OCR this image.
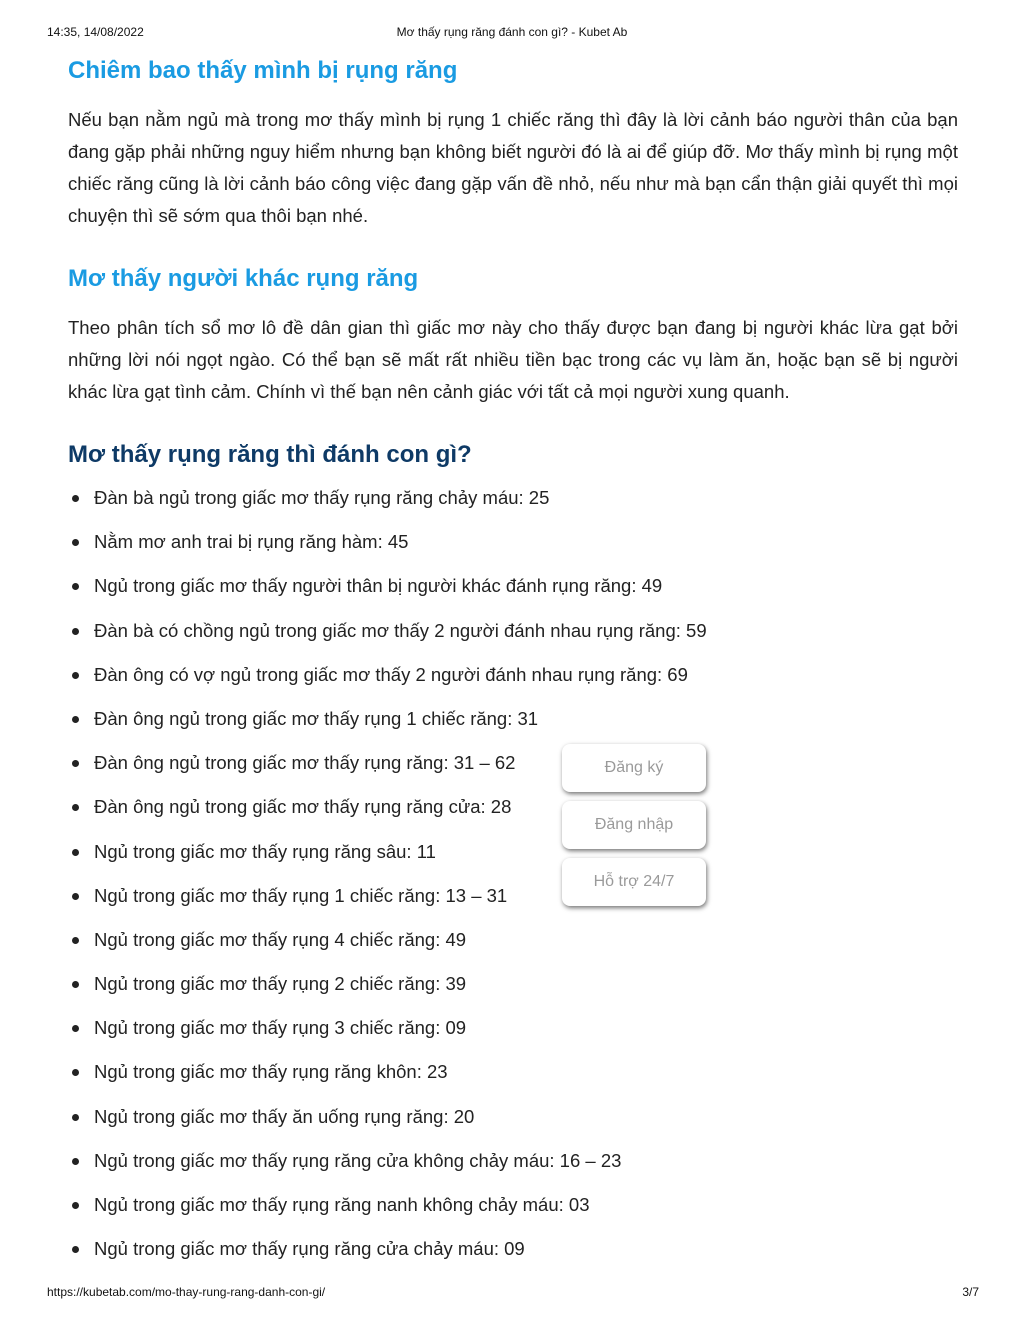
14:35, 14/08/2022	Mơ thấy rụng răng đánh con gì? - Kubet Ab
Chiêm bao thấy mình bị rụng răng

Nếu bạn nằm ngủ mà trong mơ thấy mình bị rụng 1 chiếc răng thì đây là lời cảnh báo người thân của bạn đang gặp phải những nguy hiểm nhưng bạn không biết người đó là ai để giúp đỡ. Mơ thấy mình bị rụng một chiếc răng cũng là lời cảnh báo công việc đang gặp vấn đề nhỏ, nếu như mà bạn cẩn thận giải quyết thì mọi chuyện thì sẽ sớm qua thôi bạn nhé.

Mơ thấy người khác rụng răng

Theo phân tích sổ mơ lô đề dân gian thì giấc mơ này cho thấy được bạn đang bị người khác lừa gạt bởi những lời nói ngọt ngào. Có thể bạn sẽ mất rất nhiều tiền bạc trong các vụ làm ăn, hoặc bạn sẽ bị người khác lừa gạt tình cảm. Chính vì thế bạn nên cảnh giác với tất cả mọi người xung quanh.

Mơ thấy rụng răng thì đánh con gì?
Đàn bà ngủ trong giấc mơ thấy rụng răng chảy máu: 25
Nằm mơ anh trai bị rụng răng hàm: 45
Ngủ trong giấc mơ thấy người thân bị người khác đánh rụng răng: 49
Đàn bà có chồng ngủ trong giấc mơ thấy 2 người đánh nhau rụng răng: 59
Đàn ông có vợ ngủ trong giấc mơ thấy 2 người đánh nhau rụng răng: 69
Đàn ông ngủ trong giấc mơ thấy rụng 1 chiếc răng: 31
Đàn ông ngủ trong giấc mơ thấy rụng răng: 31 – 62
Đàn ông ngủ trong giấc mơ thấy rụng răng cửa: 28
Ngủ trong giấc mơ thấy rụng răng sâu: 11
Ngủ trong giấc mơ thấy rụng 1 chiếc răng: 13 – 31
Ngủ trong giấc mơ thấy rụng 4 chiếc răng: 49
Ngủ trong giấc mơ thấy rụng 2 chiếc răng: 39
Ngủ trong giấc mơ thấy rụng 3 chiếc răng: 09
Ngủ trong giấc mơ thấy rụng răng khôn: 23
Ngủ trong giấc mơ thấy ăn uống rụng răng: 20
Ngủ trong giấc mơ thấy rụng răng cửa không chảy máu: 16 – 23
Ngủ trong giấc mơ thấy rụng răng nanh không chảy máu: 03
Ngủ trong giấc mơ thấy rụng răng cửa chảy máu: 09
Đăng ký
Đăng nhập
Hỗ trợ 24/7
https://kubetab.com/mo-thay-rung-rang-danh-con-gi/	3/7
